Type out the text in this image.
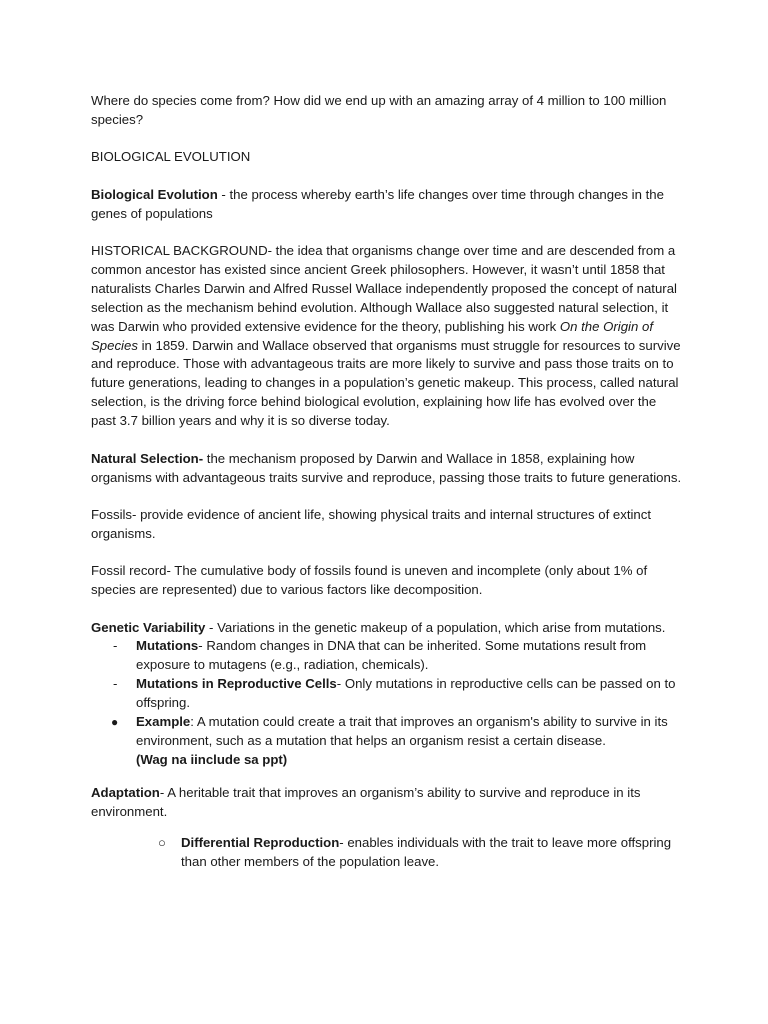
Where do species come from? How did we end up with an amazing array of 4 million to 100 million species?

BIOLOGICAL EVOLUTION

Biological Evolution - the process whereby earth’s life changes over time through changes in the genes of populations

HISTORICAL BACKGROUND- the idea that organisms change over time and are descended from a common ancestor has existed since ancient Greek philosophers. However, it wasn’t until 1858 that naturalists Charles Darwin and Alfred Russel Wallace independently proposed the concept of natural selection as the mechanism behind evolution. Although Wallace also suggested natural selection, it was Darwin who provided extensive evidence for the theory, publishing his work On the Origin of Species in 1859. Darwin and Wallace observed that organisms must struggle for resources to survive and reproduce. Those with advantageous traits are more likely to survive and pass those traits on to future generations, leading to changes in a population’s genetic makeup. This process, called natural selection, is the driving force behind biological evolution, explaining how life has evolved over the past 3.7 billion years and why it is so diverse today.

Natural Selection- the mechanism proposed by Darwin and Wallace in 1858, explaining how organisms with advantageous traits survive and reproduce, passing those traits to future generations.

Fossils- provide evidence of ancient life, showing physical traits and internal structures of extinct organisms.

Fossil record- The cumulative body of fossils found is uneven and incomplete (only about 1% of species are represented) due to various factors like decomposition.

Genetic Variability - Variations in the genetic makeup of a population, which arise from mutations.

- Mutations- Random changes in DNA that can be inherited. Some mutations result from exposure to mutagens (e.g., radiation, chemicals).
- Mutations in Reproductive Cells- Only mutations in reproductive cells can be passed on to offspring.
● Example: A mutation could create a trait that improves an organism's ability to survive in its environment, such as a mutation that helps an organism resist a certain disease.
(Wag na iinclude sa ppt)

Adaptation- A heritable trait that improves an organism’s ability to survive and reproduce in its environment.

○ Differential Reproduction- enables individuals with the trait to leave more offspring than other members of the population leave.
